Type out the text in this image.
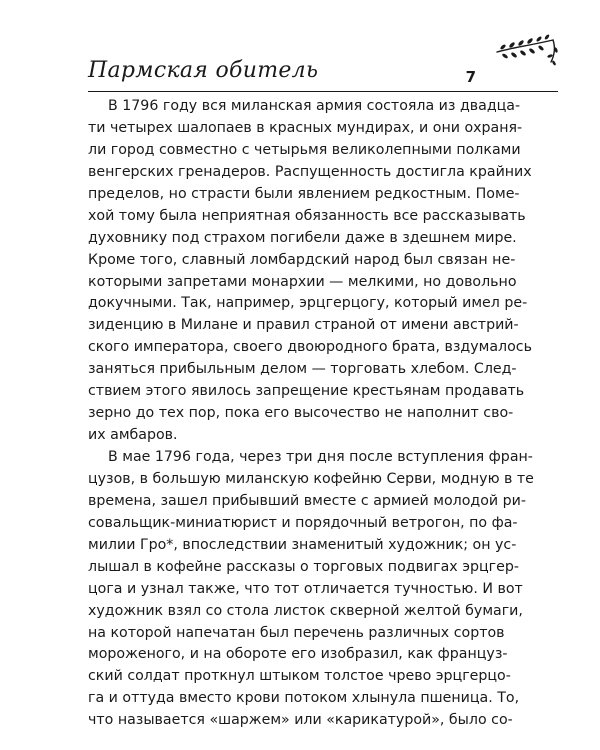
Пармская обитель	7
В 1796 году вся миланская армия состояла из двадца-
ти четырех шалопаев в красных мундирах, и они охраня-
ли город совместно с четырьмя великолепными полками
венгерских гренадеров. Распущенность достигла крайних
пределов, но страсти были явлением редкостным. Поме-
хой тому была неприятная обязанность все рассказывать
духовнику под страхом погибели даже в здешнем мире.
Кроме того, славный ломбардский народ был связан не-
которыми запретами монархии — мелкими, но довольно
докучными. Так, например, эрцгерцогу, который имел ре-
зиденцию в Милане и правил страной от имени австрий-
ского императора, своего двоюродного брата, вздумалось
заняться прибыльным делом — торговать хлебом. След-
ствием этого явилось запрещение крестьянам продавать
зерно до тех пор, пока его высочество не наполнит сво-
их амбаров.
В мае 1796 года, через три дня после вступления фран-
цузов, в большую миланскую кофейню Серви, модную в те
времена, зашел прибывший вместе с армией молодой ри-
совальщик-миниатюрист и порядочный ветрогон, по фа-
милии Гро*, впоследствии знаменитый художник; он ус-
лышал в кофейне рассказы о торговых подвигах эрцгер-
цога и узнал также, что тот отличается тучностью. И вот
художник взял со стола листок скверной желтой бумаги,
на которой напечатан был перечень различных сортов
мороженого, и на обороте его изобразил, как француз-
ский солдат проткнул штыком толстое чрево эрцгерцо-
га и оттуда вместо крови потоком хлынула пшеница. То,
что называется «шаржем» или «карикатурой», было со-
